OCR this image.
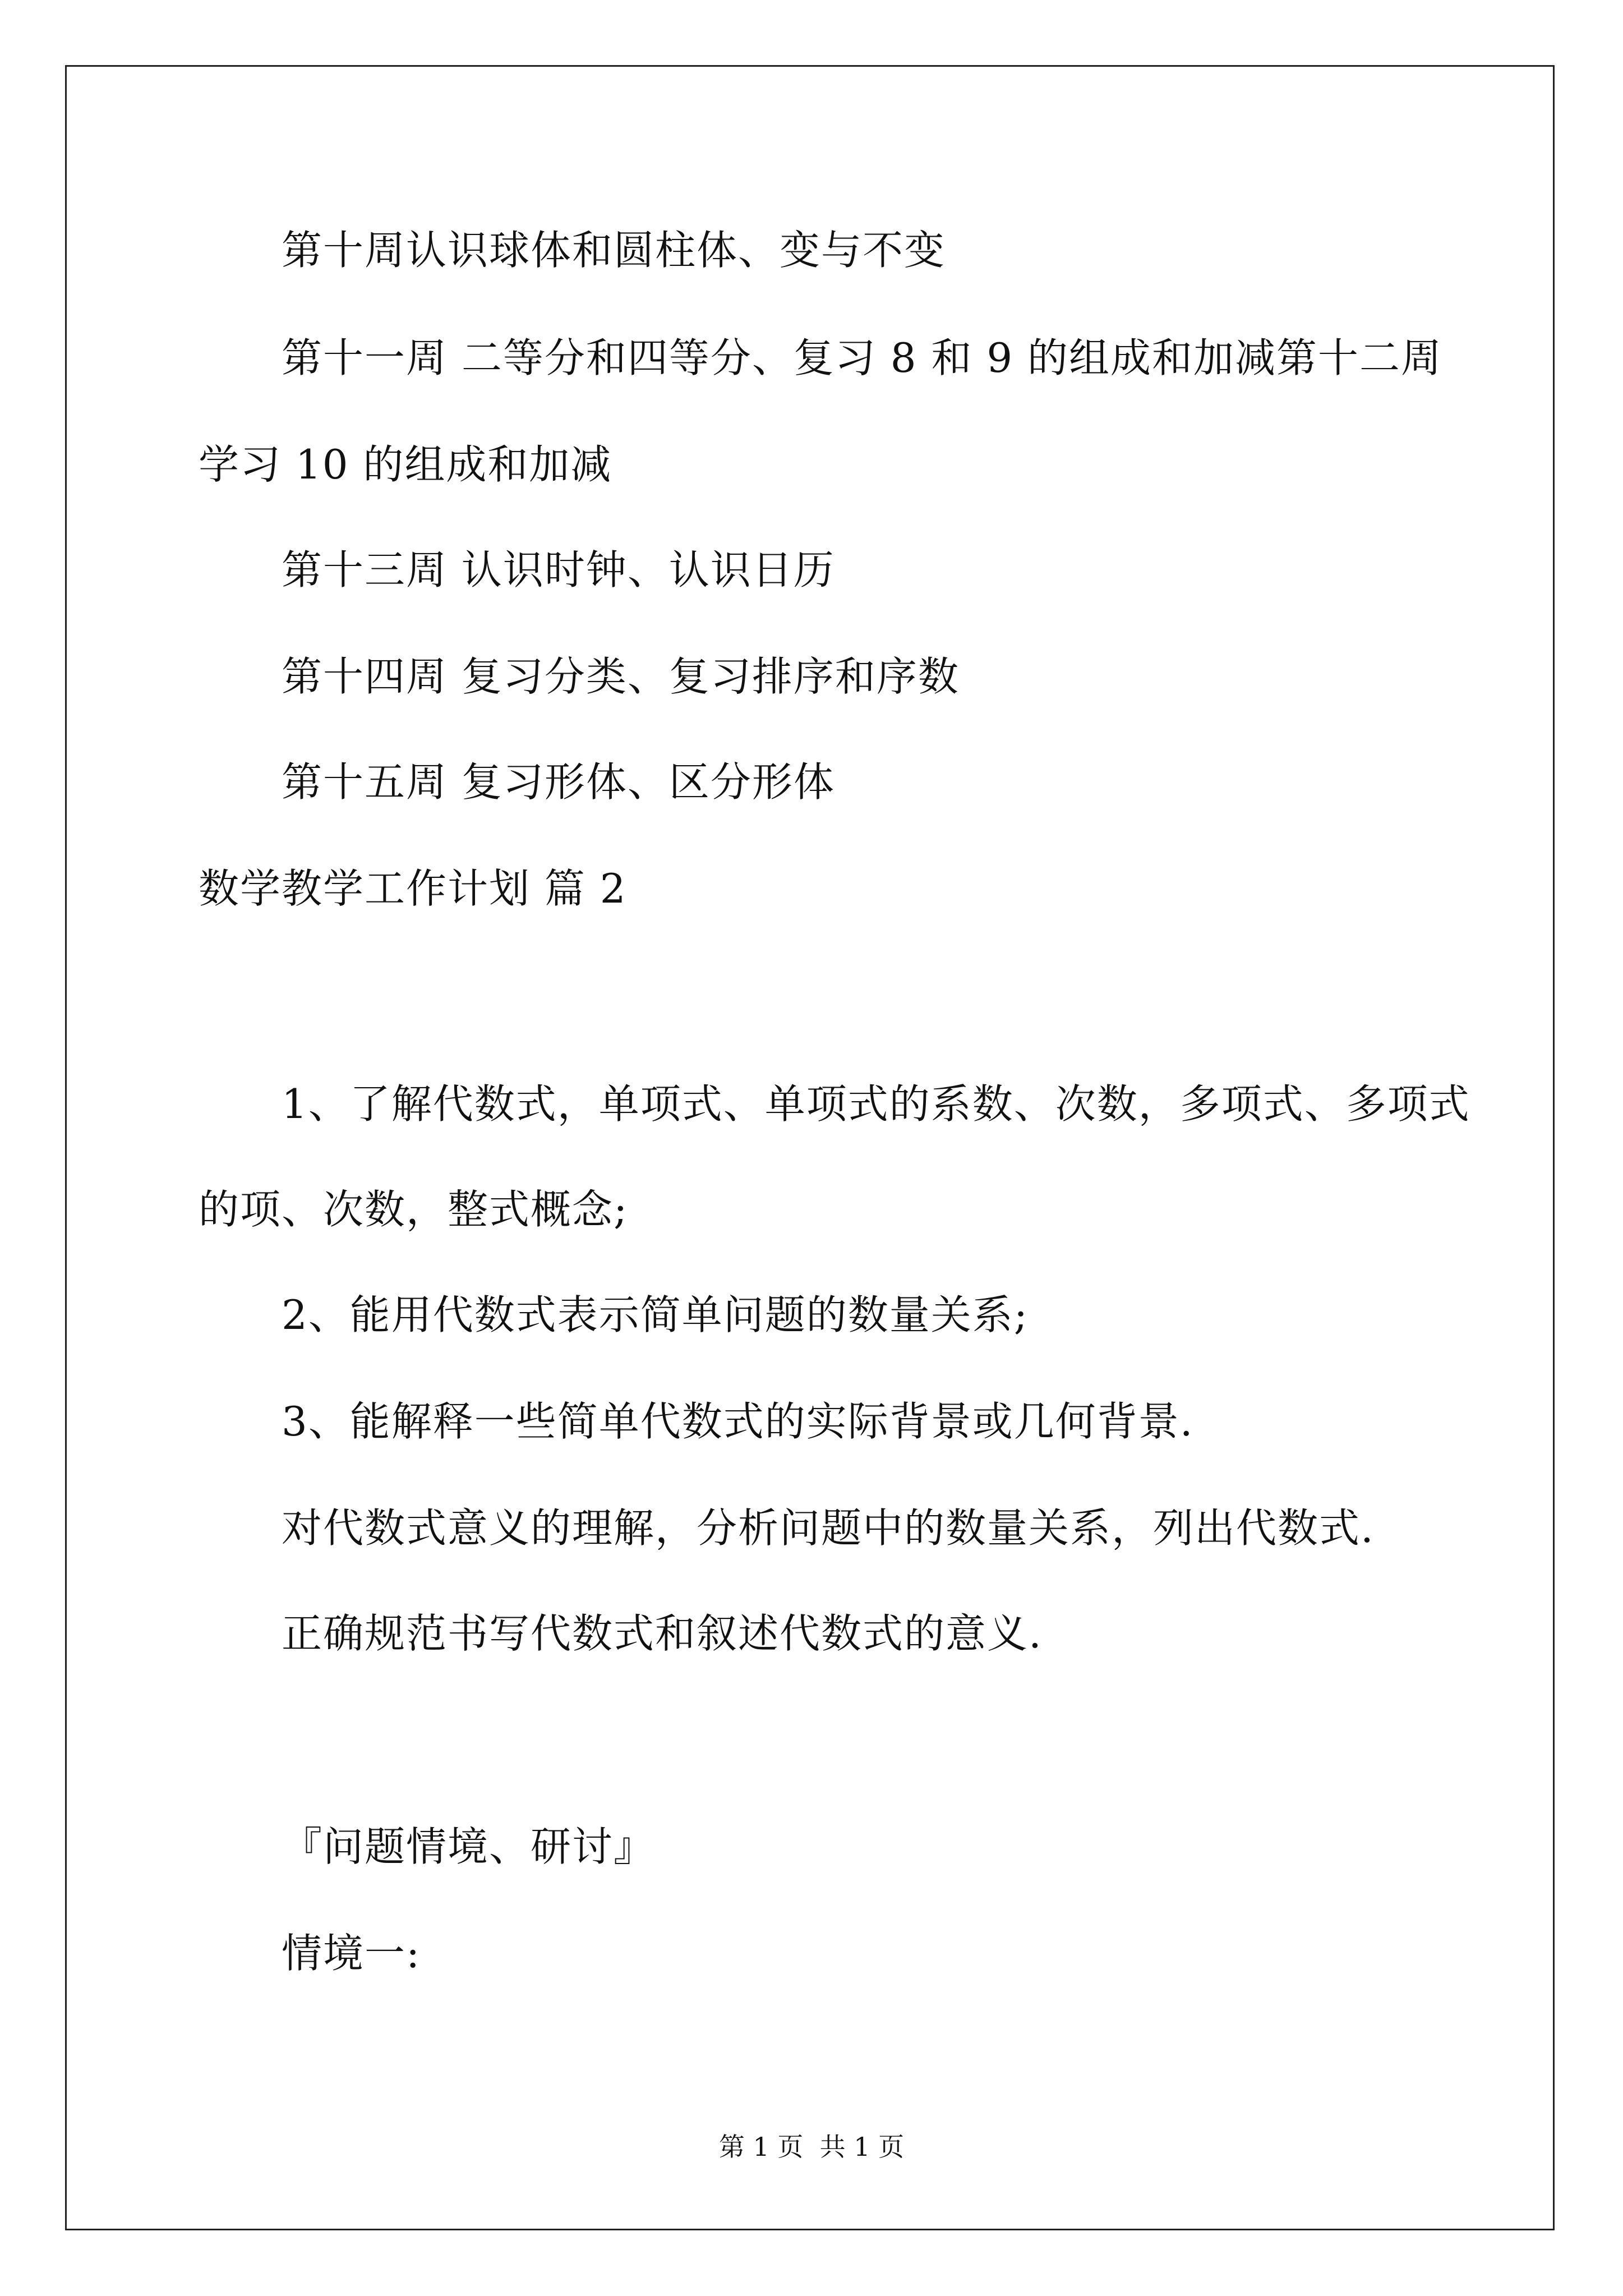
第十周认识球体和圆柱体、变与不变
第十一周 二等分和四等分、复习 8 和 9 的组成和加减第十二周
学习 10 的组成和加减
第十三周 认识时钟、认识日历
第十四周 复习分类、复习排序和序数
第十五周 复习形体、区分形体
数学教学工作计划 篇 2
1、了解代数式，单项式、单项式的系数、次数，多项式、多项式
的项、次数，整式概念;
2、能用代数式表示简单问题的数量关系;
3、能解释一些简单代数式的实际背景或几何背景.
对代数式意义的理解，分析问题中的数量关系，列出代数式.
正确规范书写代数式和叙述代数式的意义.
『问题情境、研讨』
情境一:
第 1 页  共 1 页
